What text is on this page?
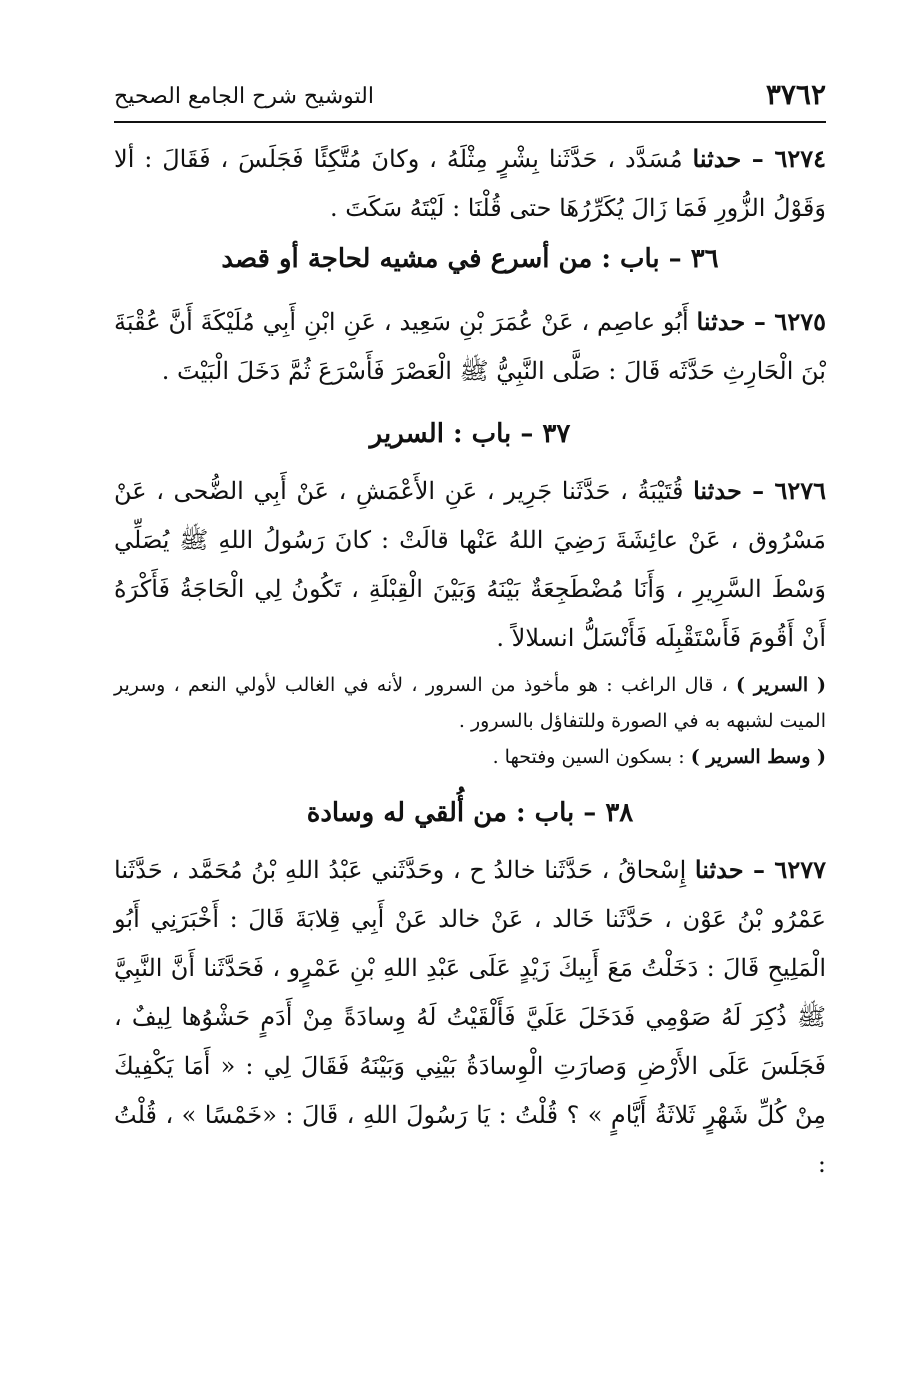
٣٧٦٢
التوشيح شرح الجامع الصحيح

٦٢٧٤ – حدثنا مُسَدَّد ، حَدَّثَنا بِشْرٍ مِثْلَهُ ، وكانَ مُتَّكِئًا فَجَلَسَ ، فَقَالَ : ألا وَقَوْلُ الزُّورِ فَمَا زَالَ يُكَرِّرُهَا حتى قُلْنَا : لَيْتَهُ سَكَتَ .

٣٦ – باب : من أسرع في مشيه لحاجة أو قصد

٦٢٧٥ – حدثنا أَبُو عاصِم ، عَنْ عُمَرَ بْنِ سَعِيد ، عَنِ ابْنِ أَبِي مُلَيْكَةَ أَنَّ عُقْبَةَ بْنَ الْحَارِثِ حَدَّثَه قَالَ : صَلَّى النَّبِيُّ ﷺ الْعَصْرَ فَأَسْرَعَ ثُمَّ دَخَلَ الْبَيْتَ .

٣٧ – باب : السرير

٦٢٧٦ – حدثنا قُتَيْبَةُ ، حَدَّثَنا جَرِير ، عَنِ الأَعْمَشِ ، عَنْ أَبِي الضُّحى ، عَنْ مَسْرُوق ، عَنْ عائِشَةَ رَضِيَ اللهُ عَنْها قالَتْ : كانَ رَسُولُ اللهِ ﷺ يُصَلِّي وَسْطَ السَّرِيرِ ، وَأَنَا مُضْطَجِعَةٌ بَيْنَهُ وَبَيْنَ الْقِبْلَةِ ، تَكُونُ لِي الْحَاجَةُ فَأَكْرَهُ أَنْ أَقُومَ فَأَسْتَقْبِلَه فَأَنْسَلُّ انسلالاً .

( السرير ) ، قال الراغب : هو مأخوذ من السرور ، لأنه في الغالب لأولي النعم ، وسرير الميت لشبهه به في الصورة وللتفاؤل بالسرور .

( وسط السرير ) : بسكون السين وفتحها .

٣٨ – باب : من أُلقي له وسادة

٦٢٧٧ – حدثنا إِسْحاقُ ، حَدَّثَنا خالدُ ح ، وحَدَّثَني عَبْدُ اللهِ بْنُ مُحَمَّد ، حَدَّثَنا عَمْرُو بْنُ عَوْن ، حَدَّثَنا خَالد ، عَنْ خالد عَنْ أَبِي قِلابَةَ قَالَ : أَخْبَرَنِي أَبُو الْمَلِيحِ قَالَ : دَخَلْتُ مَعَ أَبِيكَ زَيْدٍ عَلَى عَبْدِ اللهِ بْنِ عَمْرٍو ، فَحَدَّثَنا أَنَّ النَّبِيَّ ﷺ ذُكِرَ لَهُ صَوْمِي فَدَخَلَ عَلَيَّ فَأَلْقَيْتُ لَهُ وِسادَةً مِنْ أَدَمٍ حَشْوُها لِيفٌ ، فَجَلَسَ عَلَى الأَرْضِ وَصارَتِ الْوِسادَةُ بَيْنِي وَبَيْنَهُ فَقَالَ لِي : « أَمَا يَكْفِيكَ مِنْ كُلِّ شَهْرٍ ثَلاثَةُ أَيَّامٍ » ؟ قُلْتُ : يَا رَسُولَ اللهِ ، قَالَ : «خَمْسًا » ، قُلْتُ :
